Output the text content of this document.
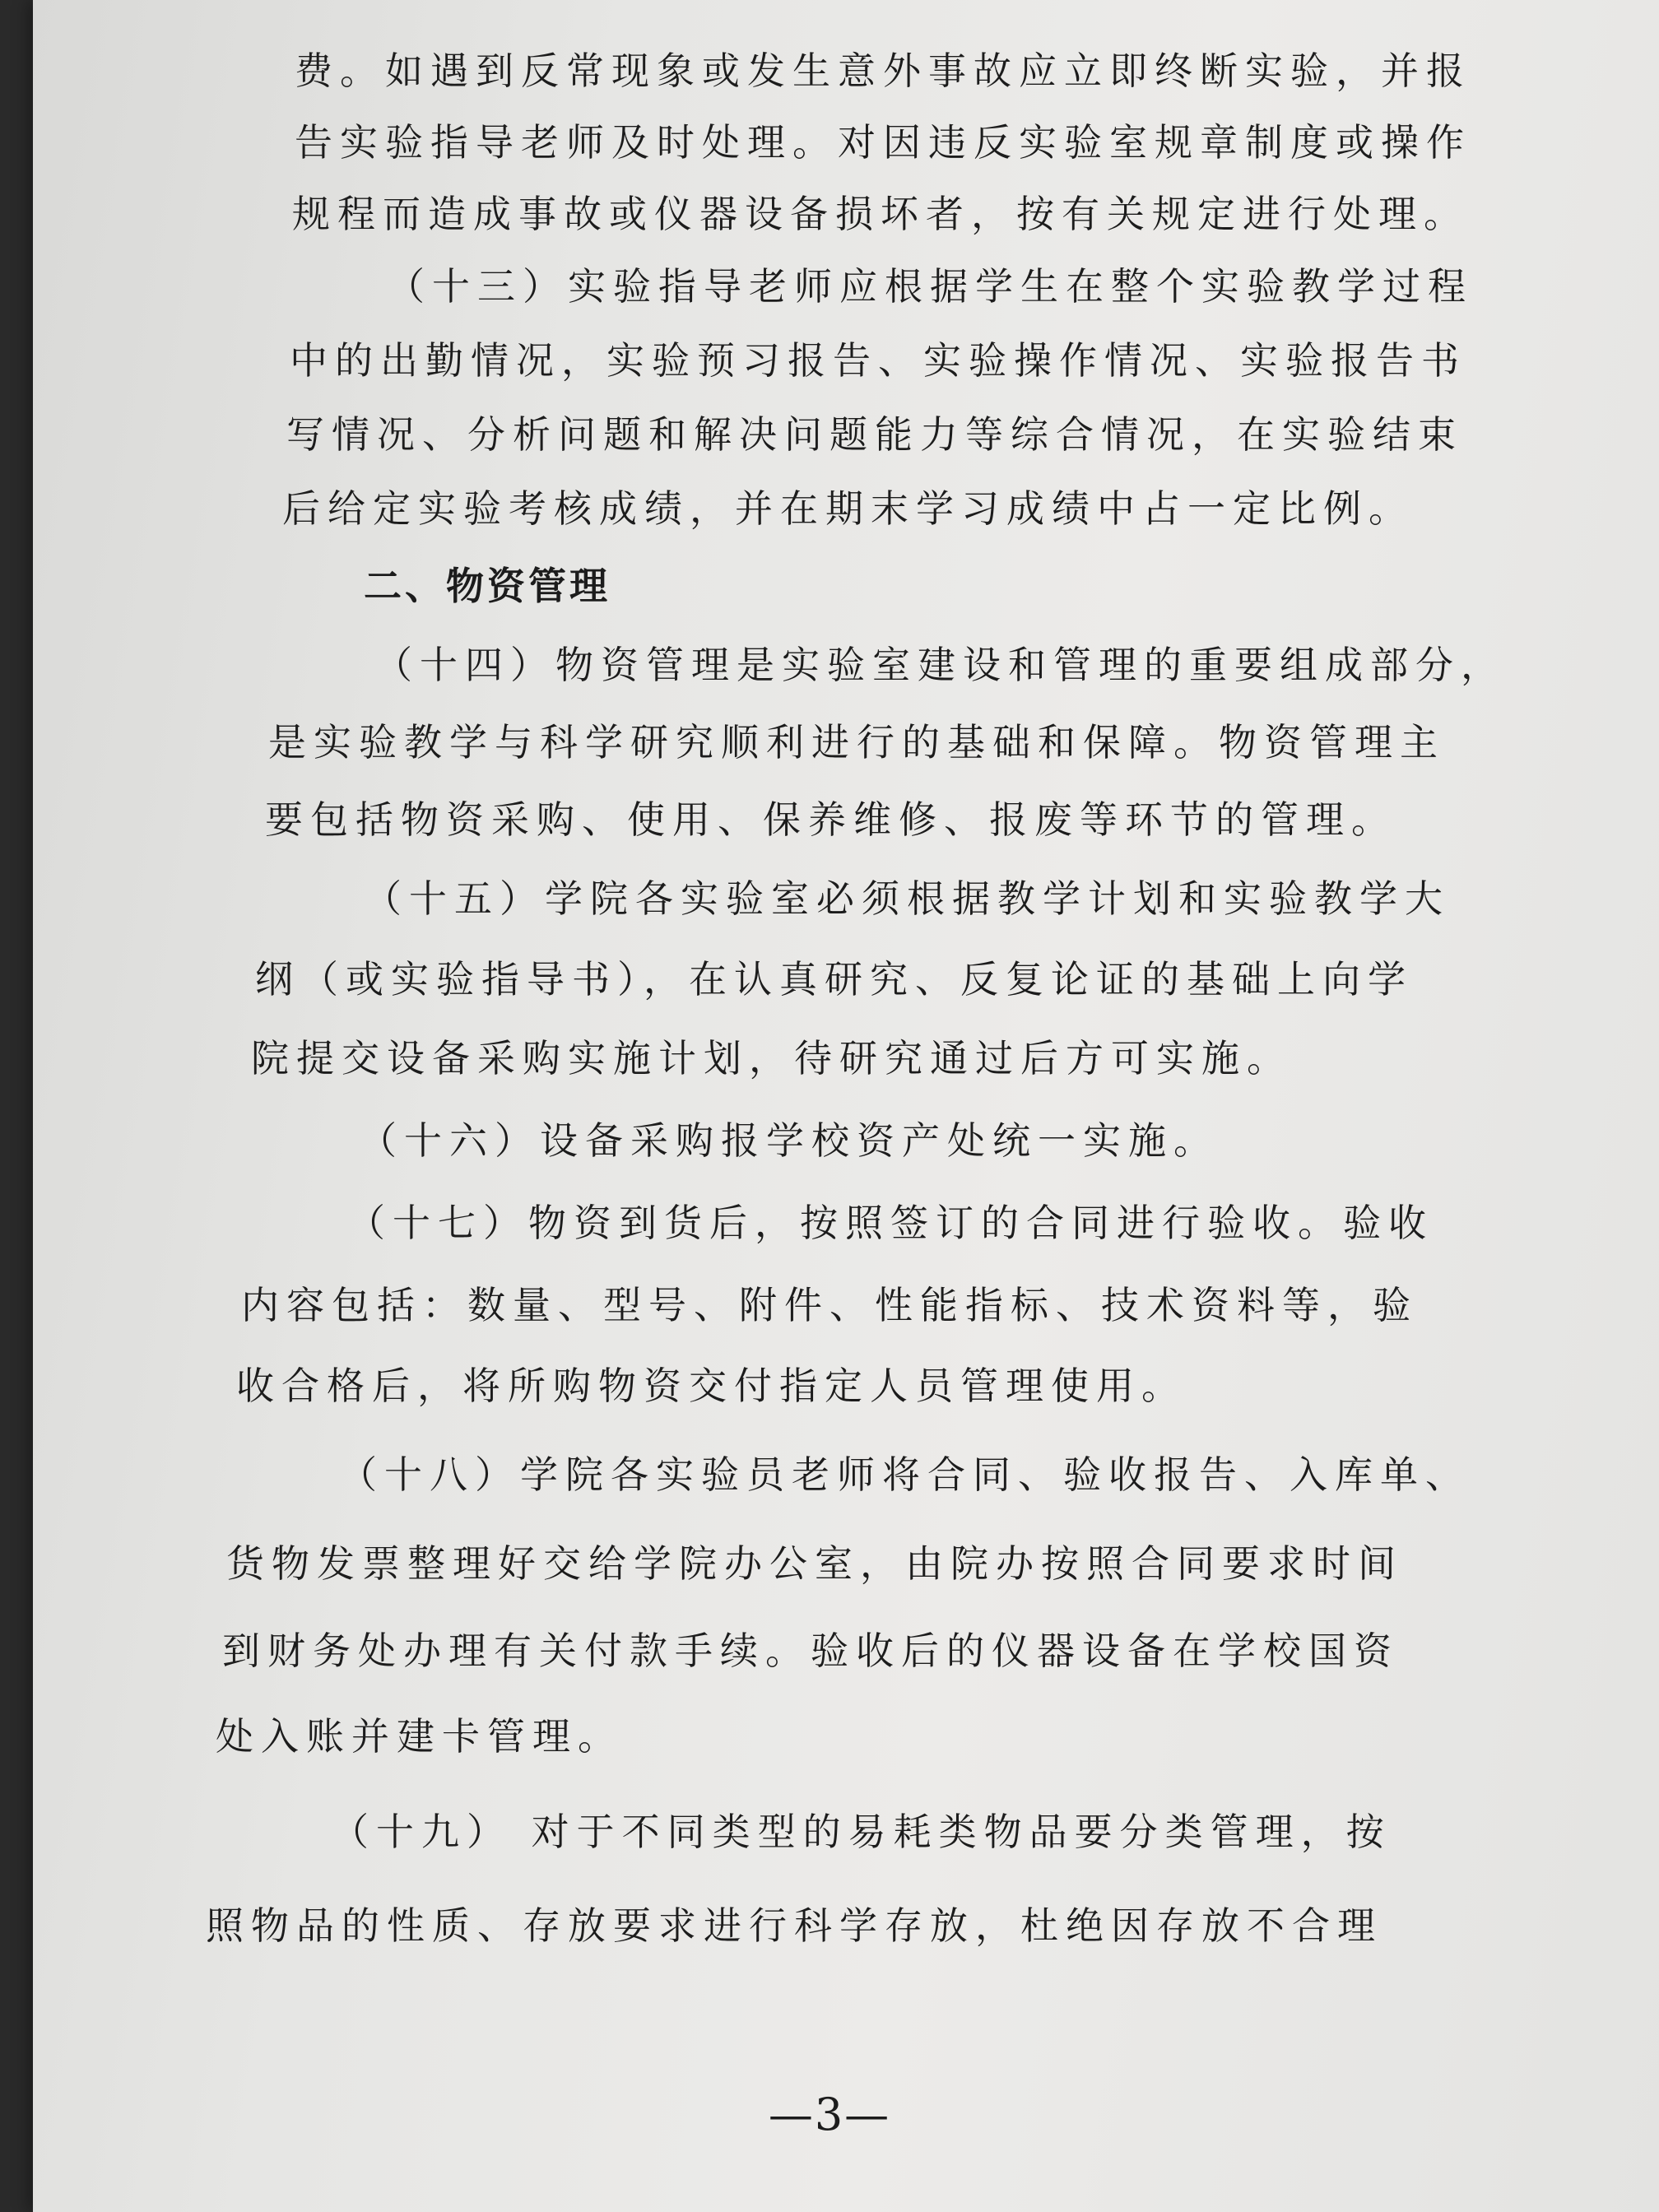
费。如遇到反常现象或发生意外事故应立即终断实验，并报
告实验指导老师及时处理。对因违反实验室规章制度或操作
规程而造成事故或仪器设备损坏者，按有关规定进行处理。
（十三）实验指导老师应根据学生在整个实验教学过程
中的出勤情况，实验预习报告、实验操作情况、实验报告书
写情况、分析问题和解决问题能力等综合情况，在实验结束
后给定实验考核成绩，并在期末学习成绩中占一定比例。
二、物资管理
（十四）物资管理是实验室建设和管理的重要组成部分，
是实验教学与科学研究顺利进行的基础和保障。物资管理主
要包括物资采购、使用、保养维修、报废等环节的管理。
（十五）学院各实验室必须根据教学计划和实验教学大
纲（或实验指导书），在认真研究、反复论证的基础上向学
院提交设备采购实施计划，待研究通过后方可实施。
（十六）设备采购报学校资产处统一实施。
（十七）物资到货后，按照签订的合同进行验收。验收
内容包括：数量、型号、附件、性能指标、技术资料等，验
收合格后，将所购物资交付指定人员管理使用。
（十八）学院各实验员老师将合同、验收报告、入库单、
货物发票整理好交给学院办公室，由院办按照合同要求时间
到财务处办理有关付款手续。验收后的仪器设备在学校国资
处入账并建卡管理。
（十九） 对于不同类型的易耗类物品要分类管理，按
照物品的性质、存放要求进行科学存放，杜绝因存放不合理
—3—
